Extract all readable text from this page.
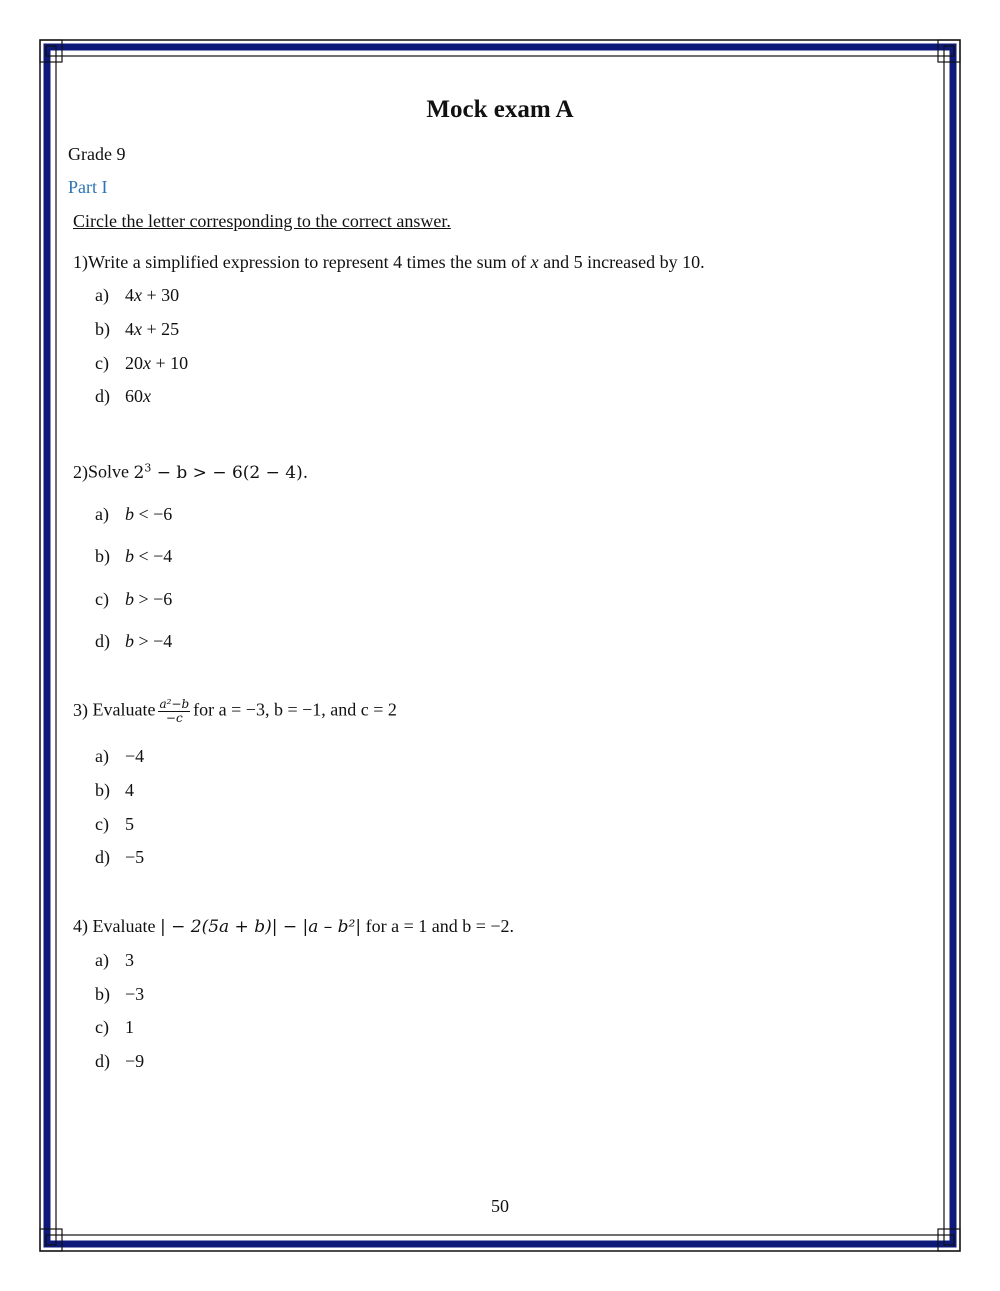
Mock exam A
Grade 9
Part I
Circle the letter corresponding to the correct answer.
1)Write a simplified expression to represent 4 times the sum of x and 5 increased by 10.
a) 4x + 30
b) 4x + 25
c) 20x + 10
d) 60x
2)Solve $2^3 - b$ > − 6(2 − 4).
a) b < −6
b) b < −4
c) b > −6
d) b > −4
3) Evaluate $\frac{\text{a²−b}}{-c}$ for a = −3, b = −1, and c = 2
a) −4
b) 4
c) 5
d) −5
4) Evaluate | − 2(5a + b)| − |a – b²| for a = 1 and b = −2.
a) 3
b) −3
c) 1
d) −9
50
